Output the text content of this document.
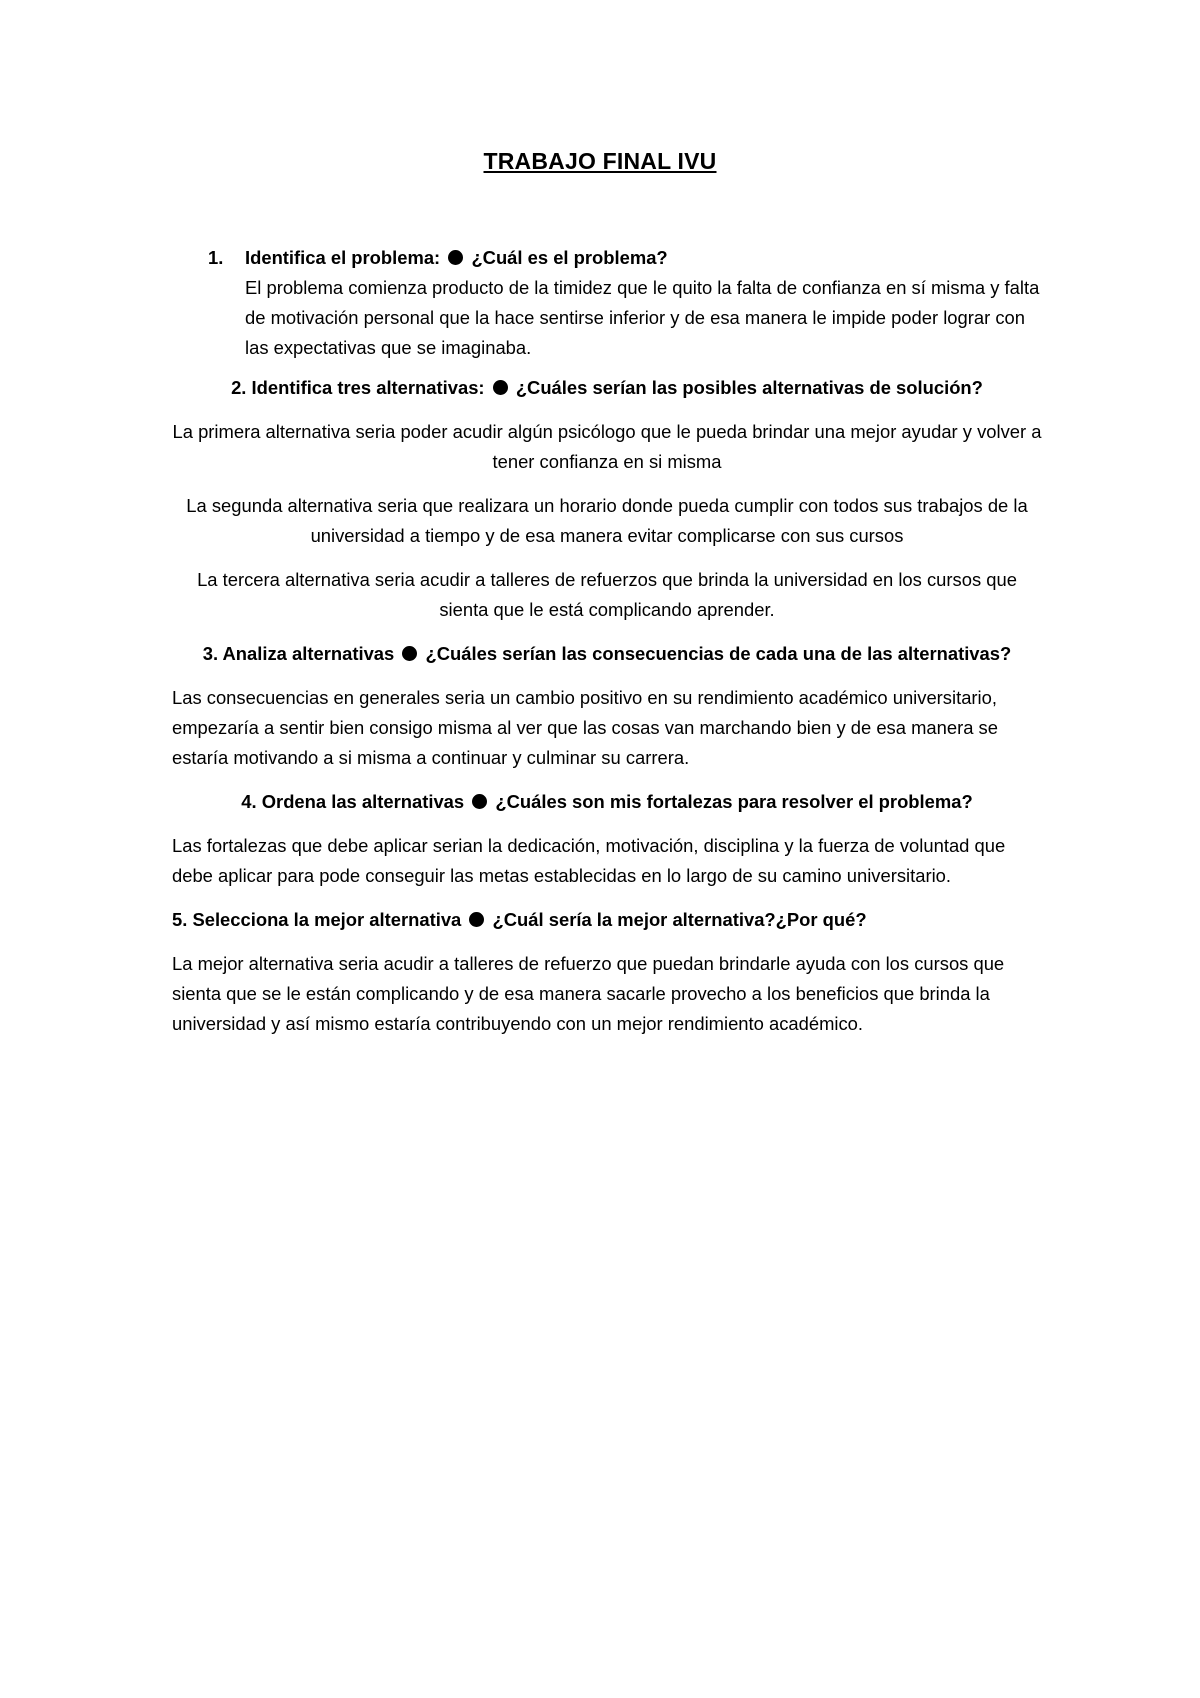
TRABAJO FINAL IVU
1. Identifica el problema: ¿Cuál es el problema?
El problema comienza producto de la timidez que le quito la falta de confianza en sí misma y falta de motivación personal que la hace sentirse inferior y de esa manera le impide poder lograr con las expectativas que se imaginaba.
2. Identifica tres alternativas: ¿Cuáles serían las posibles alternativas de solución?
La primera alternativa seria poder acudir algún psicólogo que le pueda brindar una mejor ayudar y volver a tener confianza en si misma
La segunda alternativa seria que realizara un horario donde pueda cumplir con todos sus trabajos de la universidad a tiempo y de esa manera evitar complicarse con sus cursos
La tercera alternativa seria acudir a talleres de refuerzos que brinda la universidad en los cursos que sienta que le está complicando aprender.
3. Analiza alternativas ¿Cuáles serían las consecuencias de cada una de las alternativas?
Las consecuencias en generales seria un cambio positivo en su rendimiento académico universitario, empezaría a sentir bien consigo misma al ver que las cosas van marchando bien y de esa manera se estaría motivando a si misma a continuar y culminar su carrera.
4. Ordena las alternativas ¿Cuáles son mis fortalezas para resolver el problema?
Las fortalezas que debe aplicar serian la dedicación, motivación, disciplina y la fuerza de voluntad que debe aplicar para pode conseguir las metas establecidas en lo largo de su camino universitario.
5. Selecciona la mejor alternativa ¿Cuál sería la mejor alternativa?¿Por qué?
La mejor alternativa seria acudir a talleres de refuerzo que puedan brindarle ayuda con los cursos que sienta que se le están complicando y de esa manera sacarle provecho a los beneficios que brinda la universidad y así mismo estaría contribuyendo con un mejor rendimiento académico.
